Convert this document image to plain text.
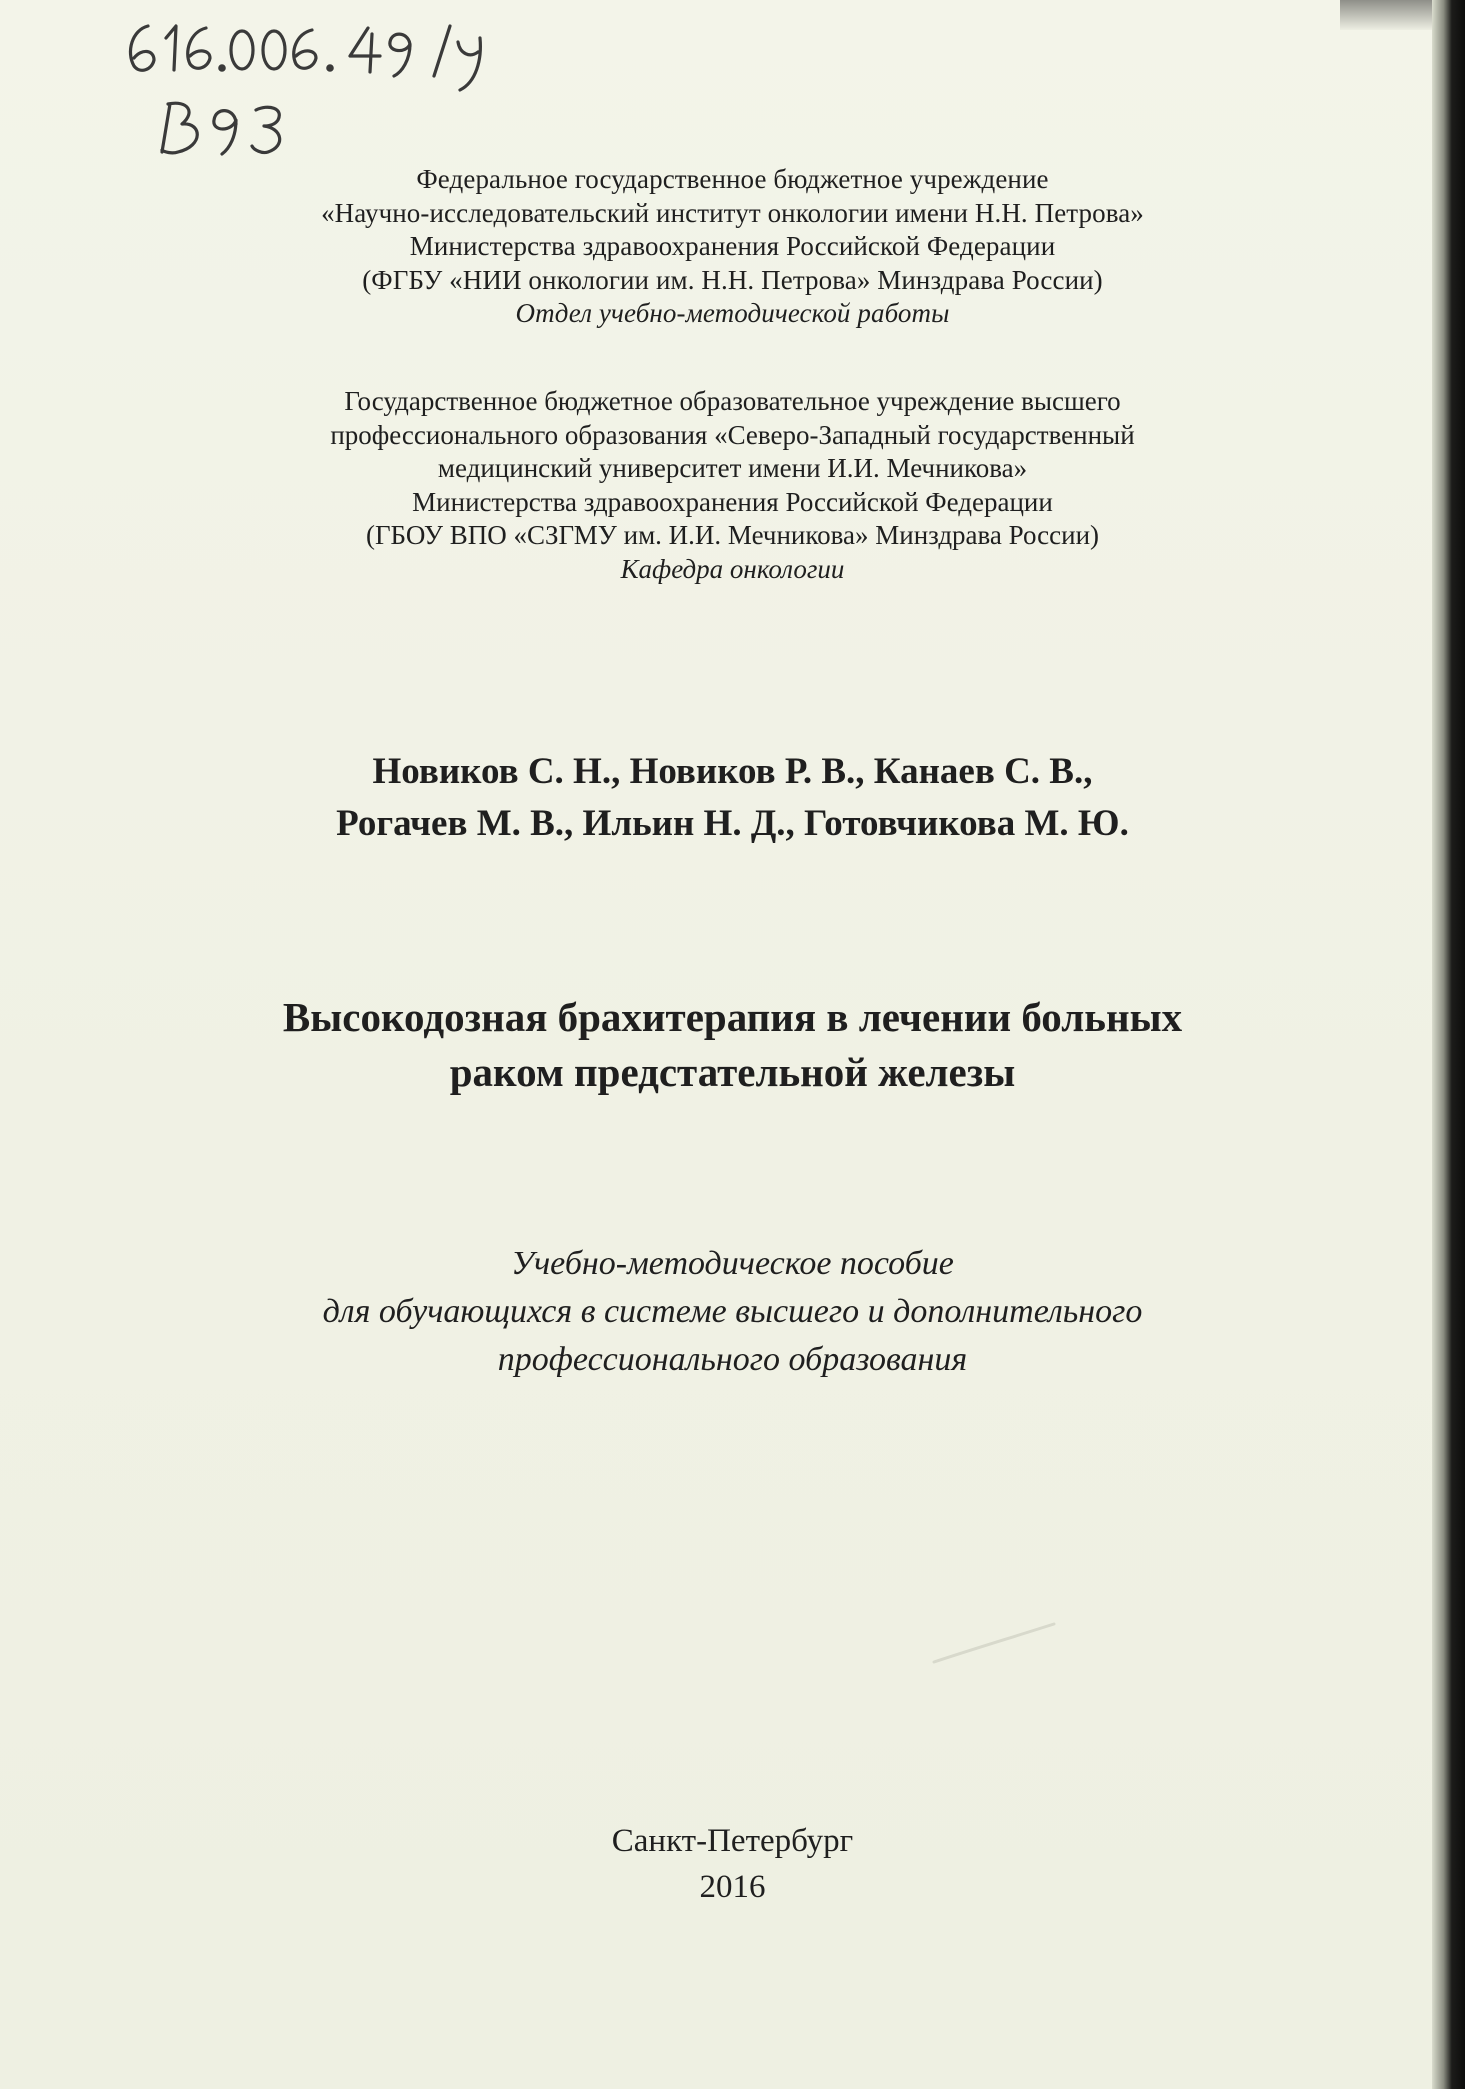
Федеральное государственное бюджетное учреждение
«Научно-исследовательский институт онкологии имени Н.Н. Петрова»
Министерства здравоохранения Российской Федерации
(ФГБУ «НИИ онкологии им. Н.Н. Петрова» Минздрава России)
Отдел учебно-методической работы
Государственное бюджетное образовательное учреждение высшего
профессионального образования «Северо-Западный государственный
медицинский университет имени И.И. Мечникова»
Министерства здравоохранения Российской Федерации
(ГБОУ ВПО «СЗГМУ им. И.И. Мечникова» Минздрава России)
Кафедра онкологии
Новиков С. Н., Новиков Р. В., Канаев С. В.,
Рогачев М. В., Ильин Н. Д., Готовчикова М. Ю.
Высокодозная брахитерапия в лечении больных
раком предстательной железы
Учебно-методическое пособие
для обучающихся в системе высшего и дополнительного
профессионального образования
Санкт-Петербург
2016
